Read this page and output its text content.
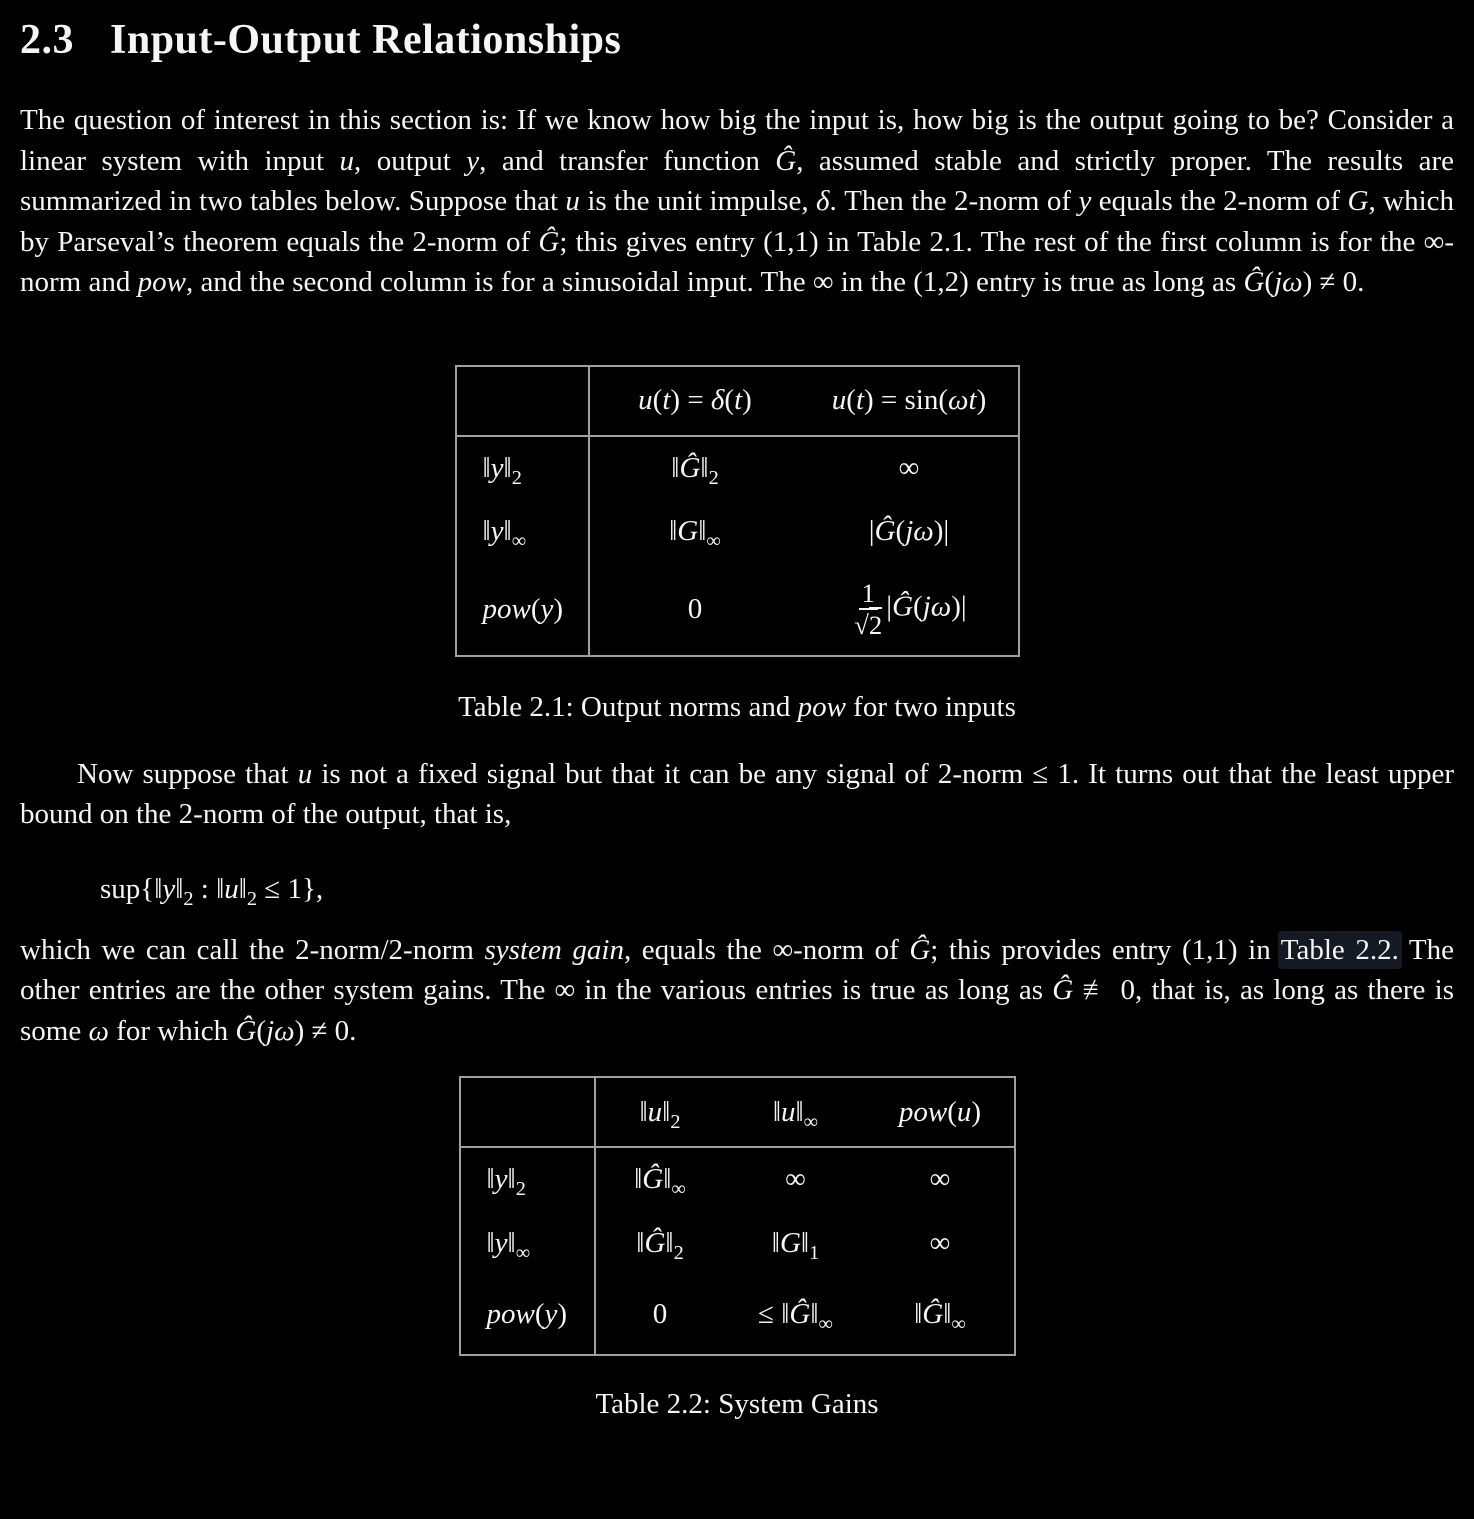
2.3 Input-Output Relationships

The question of interest in this section is: If we know how big the input is, how big is the output going to be? Consider a linear system with input u, output y, and transfer function Ĝ, assumed stable and strictly proper. The results are summarized in two tables below. Suppose that u is the unit impulse, δ. Then the 2-norm of y equals the 2-norm of G, which by Parseval’s theorem equals the 2-norm of Ĝ; this gives entry (1,1) in Table 2.1. The rest of the first column is for the ∞-norm and pow, and the second column is for a sinusoidal input. The ∞ in the (1,2) entry is true as long as Ĝ(jω) ≠ 0.

	u(t) = δ(t)	u(t) = sin(ωt)
$‖y‖_2$	$‖Ĝ‖_2$	∞
$‖y‖_\infty$	$‖G‖_\infty$	|Ĝ(jω)|
pow(y)	0	$\frac{1}{√2}$ |Ĝ(jω)|
Table 2.1: Output norms and pow for two inputs

Now suppose that u is not a fixed signal but that it can be any signal of 2-norm ≤ 1. It turns out that the least upper bound on the 2-norm of the output, that is,

$sup\{‖y‖_2$ : $‖u‖_2 \le 1$},

which we can call the 2-norm/2-norm system gain, equals the ∞-norm of Ĝ; this provides entry (1,1) in Table 2.2. The other entries are the other system gains. The ∞ in the various entries is true as long as Ĝ ≢ 0, that is, as long as there is some ω for which Ĝ(jω) ≠ 0.

	$‖u‖_2$	$‖u‖_\infty$	pow(u)
$‖y‖_2$	$‖Ĝ‖_\infty$	∞	∞
$‖y‖_\infty$	$‖Ĝ‖_2$	$‖G‖_1$	∞
pow(y)	0	≤ $‖Ĝ‖_\infty$	$‖Ĝ‖_\infty$
Table 2.2: System Gains
